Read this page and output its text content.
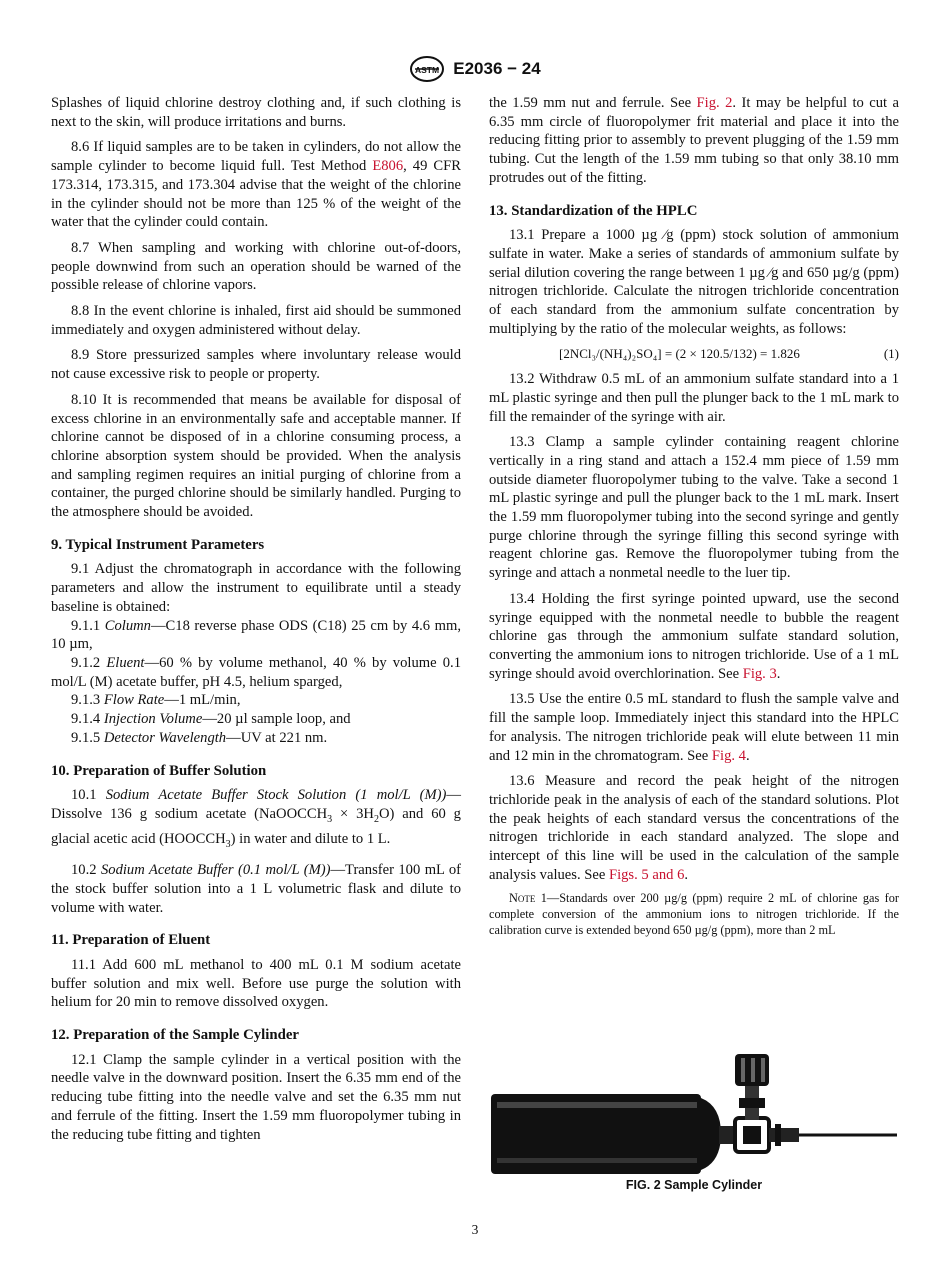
ASTM E2036 − 24

Splashes of liquid chlorine destroy clothing and, if such clothing is next to the skin, will produce irritations and burns.

8.6 If liquid samples are to be taken in cylinders, do not allow the sample cylinder to become liquid full. Test Method E806, 49 CFR 173.314, 173.315, and 173.304 advise that the weight of the chlorine in the cylinder should not be more than 125 % of the weight of the water that the cylinder could contain.

8.7 When sampling and working with chlorine out-of-doors, people downwind from such an operation should be warned of the possible release of chlorine vapors.

8.8 In the event chlorine is inhaled, first aid should be summoned immediately and oxygen administered without delay.

8.9 Store pressurized samples where involuntary release would not cause excessive risk to people or property.

8.10 It is recommended that means be available for disposal of excess chlorine in an environmentally safe and acceptable manner. If chlorine cannot be disposed of in a chlorine consuming process, a chlorine absorption system should be provided. When the analysis and sampling regimen requires an initial purging of chlorine from a container, the purged chlorine should be similarly handled. Purging to the atmosphere should be avoided.

9. Typical Instrument Parameters

9.1 Adjust the chromatograph in accordance with the following parameters and allow the instrument to equilibrate until a steady baseline is obtained:

9.1.1 Column—C18 reverse phase ODS (C18) 25 cm by 4.6 mm, 10 µm,

9.1.2 Eluent—60 % by volume methanol, 40 % by volume 0.1 mol/L (M) acetate buffer, pH 4.5, helium sparged,

9.1.3 Flow Rate—1 mL/min,

9.1.4 Injection Volume—20 µl sample loop, and

9.1.5 Detector Wavelength—UV at 221 nm.

10. Preparation of Buffer Solution

10.1 Sodium Acetate Buffer Stock Solution (1 mol/L (M))— Dissolve 136 g sodium acetate (NaOOCCH$_3$ × $3H_2O$) and 60 g glacial acetic acid $(HOOCCH_3)$ in water and dilute to 1 L.

10.2 Sodium Acetate Buffer (0.1 mol/L (M))—Transfer 100 mL of the stock buffer solution into a 1 L volumetric flask and dilute to volume with water.

11. Preparation of Eluent

11.1 Add 600 mL methanol to 400 mL 0.1 M sodium acetate buffer solution and mix well. Before use purge the solution with helium for 20 min to remove dissolved oxygen.

12. Preparation of the Sample Cylinder

12.1 Clamp the sample cylinder in a vertical position with the needle valve in the downward position. Insert the 6.35 mm end of the reducing tube fitting into the needle valve and set the 6.35 mm nut and ferrule of the fitting. Insert the 1.59 mm fluoropolymer tubing in the reducing tube fitting and tighten

the 1.59 mm nut and ferrule. See Fig. 2. It may be helpful to cut a 6.35 mm circle of fluoropolymer frit material and place it into the reducing fitting prior to assembly to prevent plugging of the 1.59 mm tubing. Cut the length of the 1.59 mm tubing so that only 38.10 mm protrudes out of the fitting.

13. Standardization of the HPLC

13.1 Prepare a 1000 µg ⁄g (ppm) stock solution of ammonium sulfate in water. Make a series of standards of ammonium sulfate by serial dilution covering the range between 1 µg ⁄g and 650 µg/g (ppm) nitrogen trichloride. Calculate the nitrogen trichloride concentration of each standard from the ammonium sulfate concentration by multiplying by the ratio of the molecular weights, as follows:

[2NCl₃/(NH₄)₂SO₄] = (2 × 120.5/132) = 1.826	(1)

13.2 Withdraw 0.5 mL of an ammonium sulfate standard into a 1 mL plastic syringe and then pull the plunger back to the 1 mL mark to fill the remainder of the syringe with air.

13.3 Clamp a sample cylinder containing reagent chlorine vertically in a ring stand and attach a 152.4 mm piece of 1.59 mm outside diameter fluoropolymer tubing to the valve. Take a second 1 mL plastic syringe and pull the plunger back to the 1 mL mark. Insert the 1.59 mm fluoropolymer tubing into the second syringe and gently purge chlorine through the syringe filling this second syringe with reagent chlorine gas. Remove the fluoropolymer tubing from the syringe and attach a nonmetal needle to the luer tip.

13.4 Holding the first syringe pointed upward, use the second syringe equipped with the nonmetal needle to bubble the reagent chlorine gas through the ammonium sulfate standard solution, converting the ammonium ions to nitrogen trichloride. Use of a 1 mL syringe should avoid overchlorination. See Fig. 3.

13.5 Use the entire 0.5 mL standard to flush the sample valve and fill the sample loop. Immediately inject this standard into the HPLC for analysis. The nitrogen trichloride peak will elute between 11 min and 12 min in the chromatogram. See Fig. 4.

13.6 Measure and record the peak height of the nitrogen trichloride peak in the analysis of each of the standard solutions. Plot the peak heights of each standard versus the concentrations of the nitrogen trichloride in each standard analyzed. The slope and intercept of this line will be used in the calculation of the sample analysis values. See Figs. 5 and 6.

Note 1—Standards over 200 µg/g (ppm) require 2 mL of chlorine gas for complete conversion of the ammonium ions to nitrogen trichloride. If the calibration curve is extended beyond 650 µg/g (ppm), more than 2 mL

FIG. 2 Sample Cylinder
3
